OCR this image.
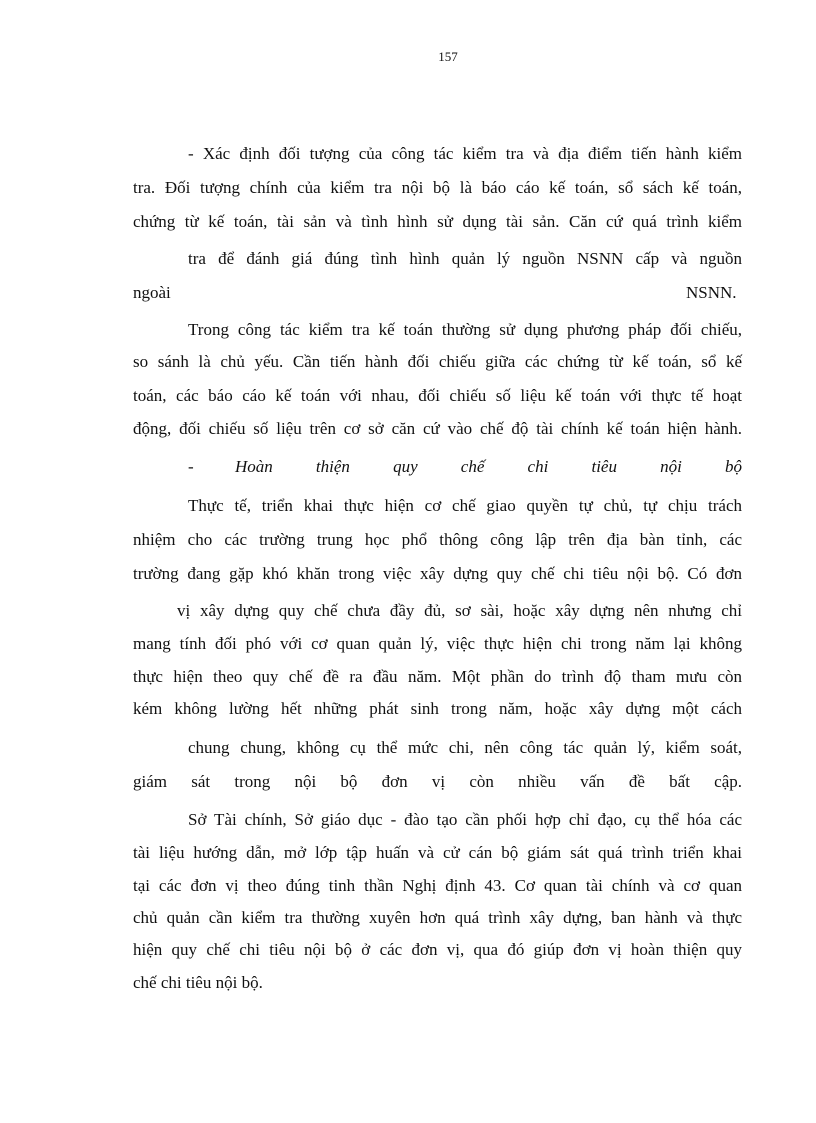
157
- Xác định đối tượng của công tác kiểm tra và địa điểm tiến hành kiểm
tra. Đối tượng chính của kiểm tra nội bộ là báo cáo kế toán, sổ sách kế toán,
chứng từ kế toán, tài sản và tình hình sử dụng tài sản. Căn cứ quá trình kiểm
tra để đánh giá đúng tình hình quản lý nguồn NSNN cấp và nguồn
ngoài	NSNN.
Trong công tác kiểm tra kế toán thường sử dụng phương pháp đối chiếu,
so sánh là chủ yếu. Cần tiến hành đối chiếu giữa các chứng từ kế toán, sổ kế
toán, các báo cáo kế toán với nhau, đối chiếu số liệu kế toán với thực tế hoạt
động, đối chiếu số liệu trên cơ sở căn cứ vào chế độ tài chính kế toán hiện hành.
- Hoàn thiện quy chế chi tiêu nội bộ
Thực tế, triển khai thực hiện cơ chế giao quyền tự chủ, tự chịu trách
nhiệm cho các trường trung học phổ thông công lập trên địa bàn tỉnh, các
trường đang gặp khó khăn trong việc xây dựng quy chế chi tiêu nội bộ. Có đơn
vị xây dựng quy chế chưa đầy đủ, sơ sài, hoặc xây dựng nên nhưng chỉ
mang tính đối phó với cơ quan quản lý, việc thực hiện chi trong năm lại không
thực hiện theo quy chế đề ra đầu năm. Một phần do trình độ tham mưu còn
kém không lường hết những phát sinh trong năm, hoặc xây dựng một cách
chung chung, không cụ thể mức chi, nên công tác quản lý, kiểm soát,
giám sát trong nội bộ đơn vị còn nhiều vấn đề bất cập.
Sở Tài chính, Sở giáo dục - đào tạo cần phối hợp chỉ đạo, cụ thể hóa các
tài liệu hướng dẫn, mở lớp tập huấn và cử cán bộ giám sát quá trình triển khai
tại các đơn vị theo đúng tinh thần Nghị định 43. Cơ quan tài chính và cơ quan
chủ quản cần kiểm tra thường xuyên hơn quá trình xây dựng, ban hành và thực
hiện quy chế chi tiêu nội bộ ở các đơn vị, qua đó giúp đơn vị hoàn thiện quy
chế chi tiêu nội bộ.
